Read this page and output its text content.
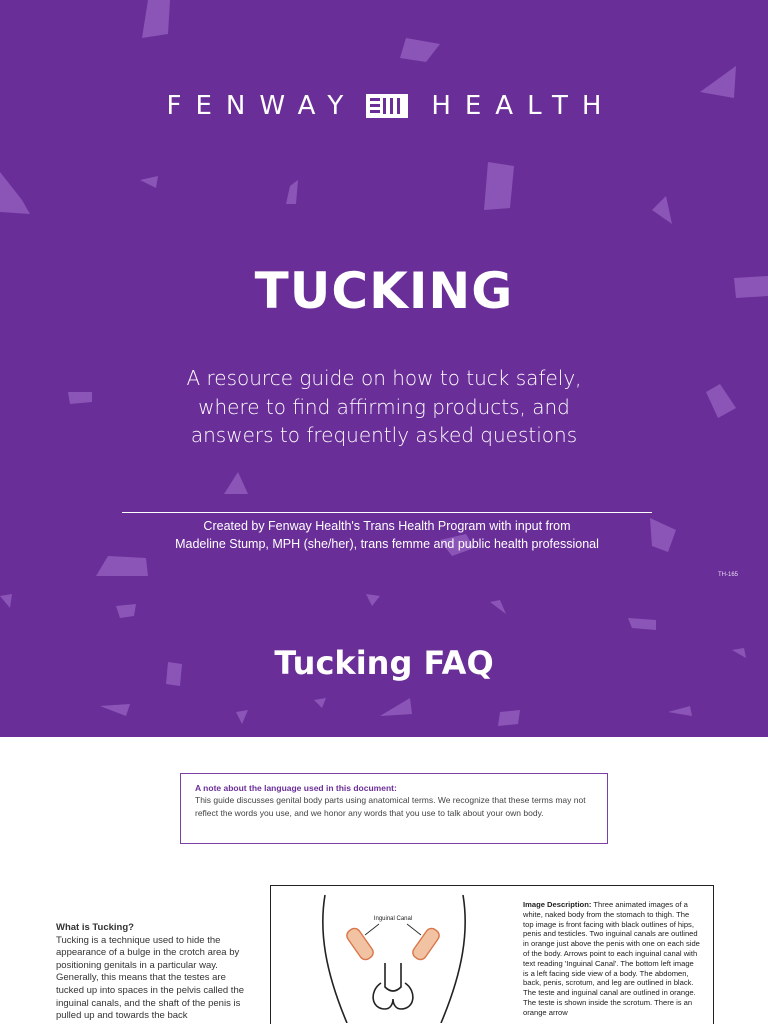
FENWAY	HEALTH
TUCKING
A resource guide on how to tuck safely,
where to find affirming products, and
answers to frequently asked questions
Created by Fenway Health's Trans Health Program with input from
Madeline Stump, MPH (she/her), trans femme and public health professional
TH-165
Tucking FAQ
A note about the language used in this document:
This guide discusses genital body parts using anatomical terms. We recognize that these terms may not reflect the words you use, and we honor any words that you use to talk about your own body.
What is Tucking?
Tucking is a technique used to hide the appearance of a bulge in the crotch area by positioning genitals in a particular way. Generally, this means that the testes are tucked up into spaces in the pelvis called the inguinal canals, and the shaft of the penis is pulled up and towards the back
Inguinal Canal
Image Description: Three animated images of a white, naked body from the stomach to thigh. The top image is front facing with black outlines of hips, penis and testicles. Two inguinal canals are outlined in orange just above the penis with one on each side of the body. Arrows point to each inguinal canal with text reading 'Inguinal Canal'. The bottom left image is a left facing side view of a body. The abdomen, back, penis, scrotum, and leg are outlined in black. The teste and inguinal canal are outlined in orange. The teste is shown inside the scrotum. There is an orange arrow
